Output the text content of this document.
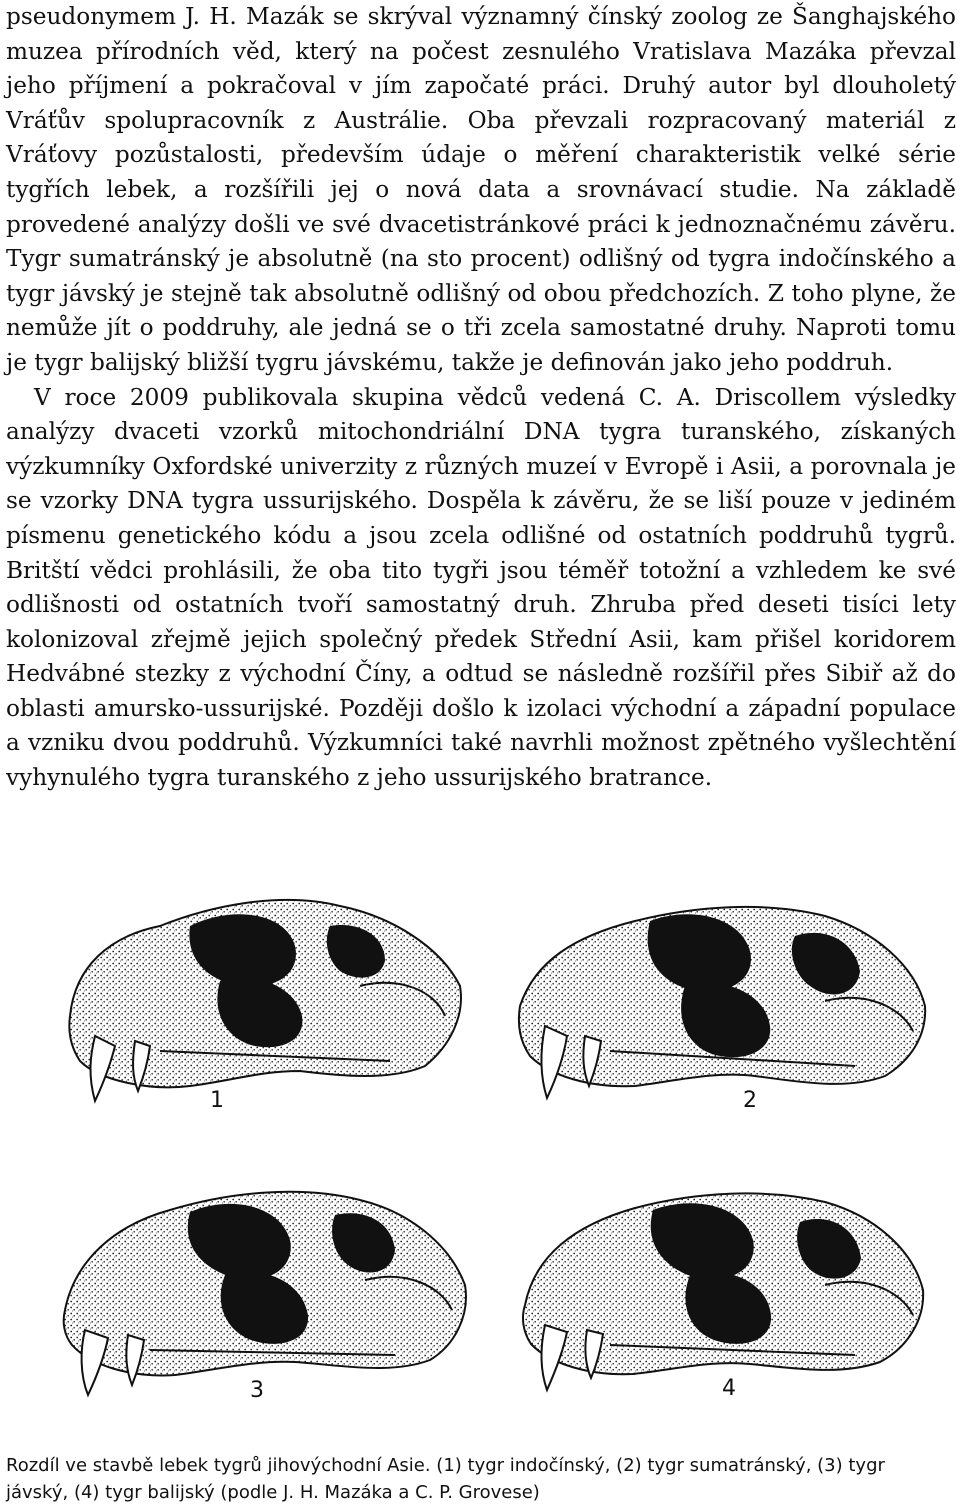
pseudonymem J. H. Mazák se skrýval významný čínský zoolog ze Šanghajského muzea přírodních věd, který na počest zesnulého Vratislava Mazáka převzal jeho příjmení a pokračoval v jím započaté práci. Druhý autor byl dlouholetý Vráťův spolupracovník z Austrálie. Oba převzali rozpracovaný materiál z Vráťovy pozůstalosti, především údaje o měření charakteristik velké série tygřích lebek, a rozšířili jej o nová data a srovnávací studie. Na základě provedené analýzy došli ve své dvacetistránkové práci k jednoznačnému závěru. Tygr sumatránský je absolutně (na sto procent) odlišný od tygra indočínského a tygr jávský je stejně tak absolutně odlišný od obou předchozích. Z toho plyne, že nemůže jít o poddruhy, ale jedná se o tři zcela samostatné druhy. Naproti tomu je tygr balijský bližší tygru jávskému, takže je definován jako jeho poddruh.

V roce 2009 publikovala skupina vědců vedená C. A. Driscollem výsledky analýzy dvaceti vzorků mitochondriální DNA tygra turanského, získaných výzkumníky Oxfordské univerzity z různých muzeí v Evropě i Asii, a porovnala je se vzorky DNA tygra ussurijského. Dospěla k závěru, že se liší pouze v jediném písmenu genetického kódu a jsou zcela odlišné od ostatních poddruhů tygrů. Britští vědci prohlásili, že oba tito tygři jsou téměř totožní a vzhledem ke své odlišnosti od ostatních tvoří samostatný druh. Zhruba před deseti tisíci lety kolonizoval zřejmě jejich společný předek Střední Asii, kam přišel koridorem Hedvábné stezky z východní Číny, a odtud se následně rozšířil přes Sibiř až do oblasti amursko-ussurijské. Později došlo k izolaci východní a západní populace a vzniku dvou poddruhů. Výzkumníci také navrhli možnost zpětného vyšlechtění vyhynulého tygra turanského z jeho ussurijského bratrance.

1	2
3	4
Rozdíl ve stavbě lebek tygrů jihovýchodní Asie. (1) tygr indočínský, (2) tygr sumatránský, (3) tygr jávský, (4) tygr balijský (podle J. H. Mazáka a C. P. Grovese)
